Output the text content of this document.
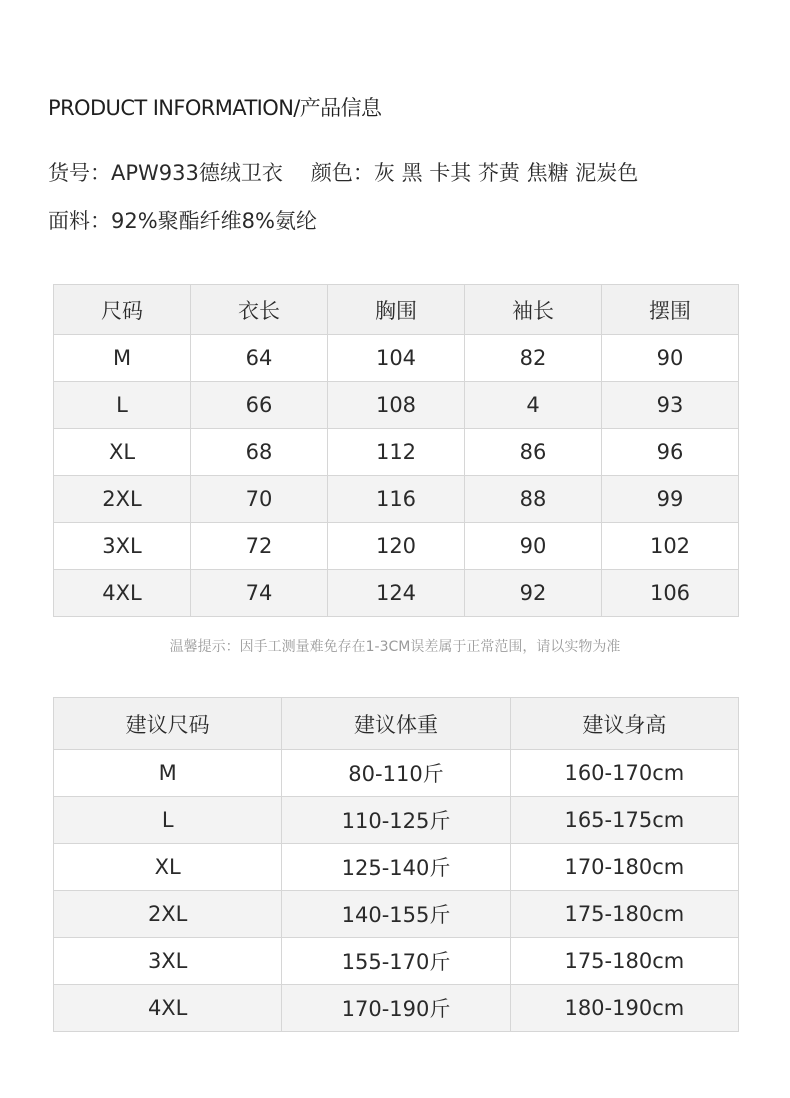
PRODUCT INFORMATION/产品信息
货号：APW933德绒卫衣 颜色：灰 黑 卡其 芥黄 焦糖 泥炭色
面料：92%聚酯纤维8%氨纶
尺码	衣长	胸围	袖长	摆围
M	64	104	82	90
L	66	108	4	93
XL	68	112	86	96
2XL	70	116	88	99
3XL	72	120	90	102
4XL	74	124	92	106
温馨提示：因手工测量难免存在1-3CM误差属于正常范围，请以实物为准
建议尺码	建议体重	建议身高
M	80-110斤	160-170cm
L	110-125斤	165-175cm
XL	125-140斤	170-180cm
2XL	140-155斤	175-180cm
3XL	155-170斤	175-180cm
4XL	170-190斤	180-190cm
